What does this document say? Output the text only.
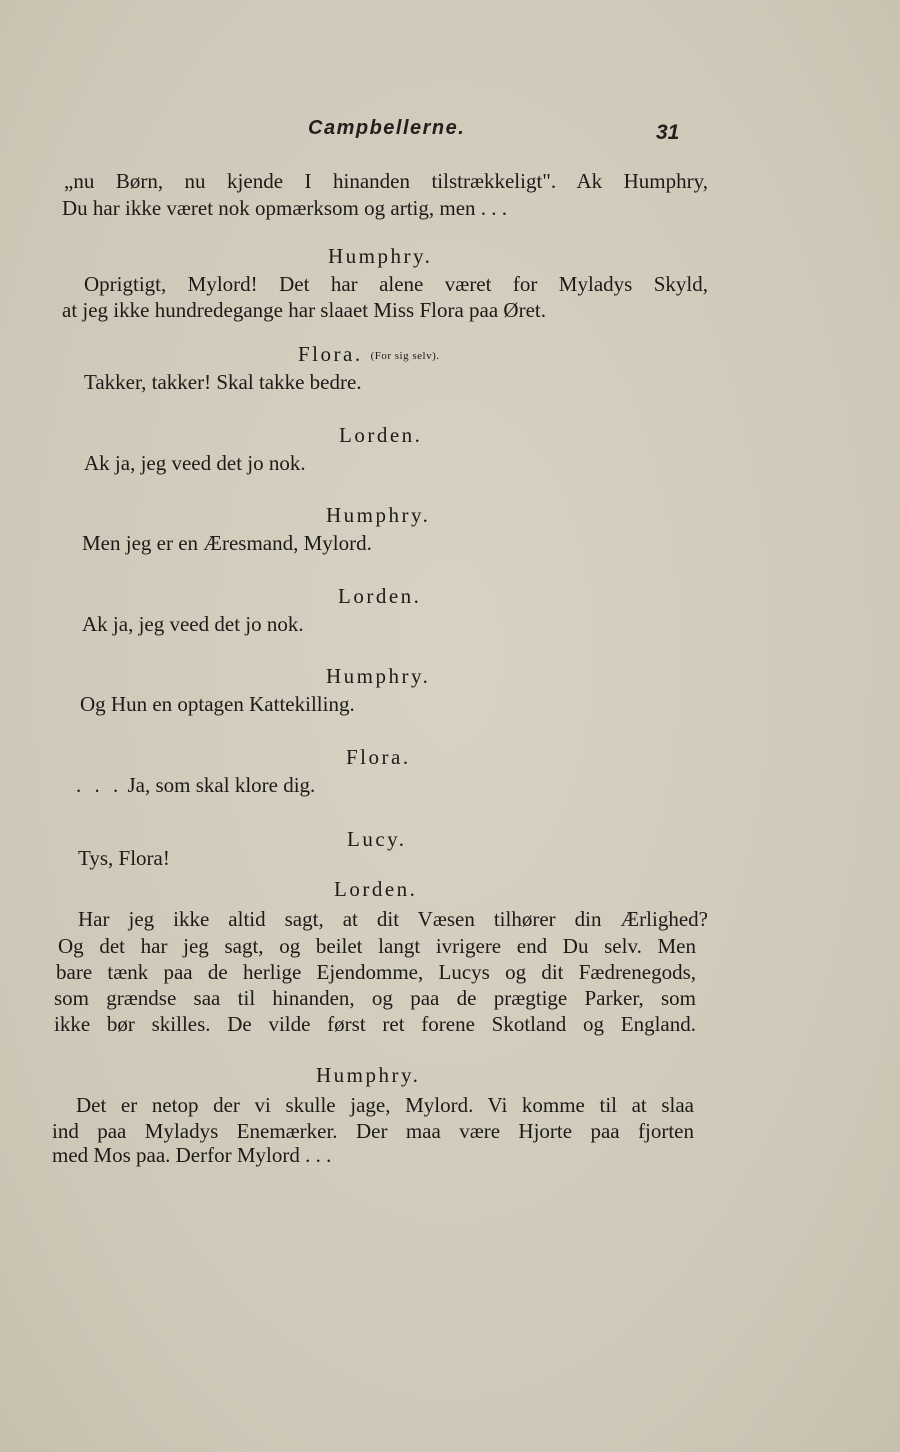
Campbellerne.	31
„nu Børn, nu kjende I hinanden tilstrækkeligt". Ak Humphry,
Du har ikke været nok opmærksom og artig, men . . .
Humphry.
Oprigtigt, Mylord! Det har alene været for Myladys Skyld,
at jeg ikke hundredegange har slaaet Miss Flora paa Øret.
Flora. (For sig selv).
Takker, takker! Skal takke bedre.
Lorden.
Ak ja, jeg veed det jo nok.
Humphry.
Men jeg er en Æresmand, Mylord.
Lorden.
Ak ja, jeg veed det jo nok.
Humphry.
Og Hun en optagen Kattekilling.
Flora.
. . . Ja, som skal klore dig.
Lucy.
Tys, Flora!
Lorden.
Har jeg ikke altid sagt, at dit Væsen tilhører din Ærlighed?
Og det har jeg sagt, og beilet langt ivrigere end Du selv. Men
bare tænk paa de herlige Ejendomme, Lucys og dit Fædrenegods,
som grændse saa til hinanden, og paa de prægtige Parker, som
ikke bør skilles. De vilde først ret forene Skotland og England.
Humphry.
Det er netop der vi skulle jage, Mylord. Vi komme til at slaa
ind paa Myladys Enemærker. Der maa være Hjorte paa fjorten
med Mos paa. Derfor Mylord . . .
